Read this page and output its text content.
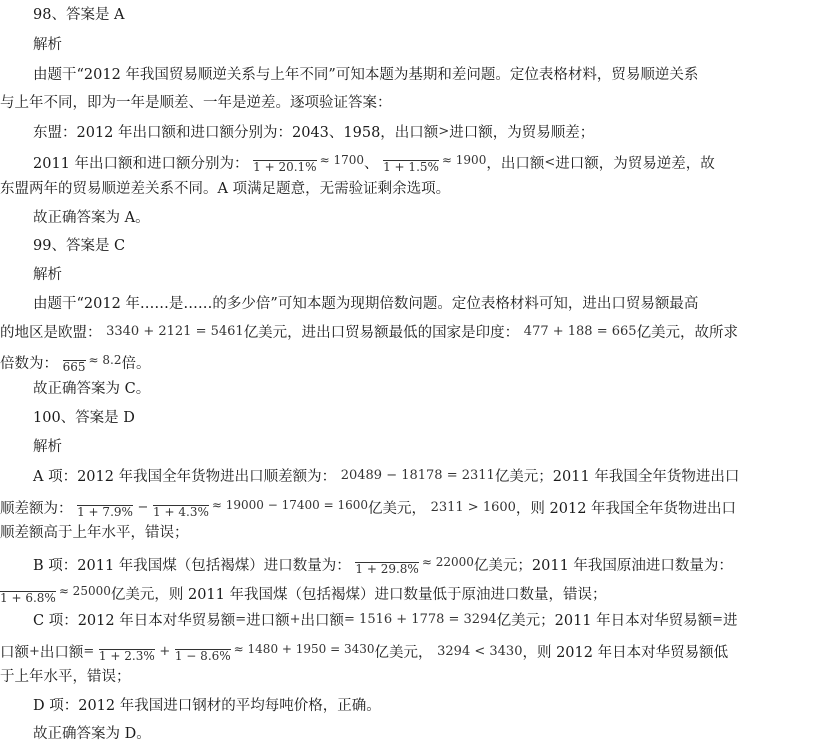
98、答案是 A
解析
由题干“2012 年我国贸易顺逆关系与上年不同”可知本题为基期和差问题。定位表格材料，贸易顺逆关系
与上年不同，即为一年是顺差、一年是逆差。逐项验证答案：
东盟：2012 年出口额和进口额分别为：2043、1958，出口额>进口额，为贸易顺差；
2011 年出口额和进口额分别为： 1 + 20.1% $^{\approx 1700}$、 1 + 1.5% $^{\approx 1900}$，出口额<进口额，为贸易逆差，故
东盟两年的贸易顺逆差关系不同。A 项满足题意，无需验证剩余选项。
故正确答案为 A。
99、答案是 C
解析
由题干“2012 年……是……的多少倍”可知本题为现期倍数问题。定位表格材料可知，进出口贸易额最高
的地区是欧盟： 3340 + 2121 = 5461亿美元，进出口贸易额最低的国家是印度： 477 + 188 = 665亿美元，故所求
倍数为： 665 $^{\approx 8.2}$倍。
故正确答案为 C。
100、答案是 D
解析
A 项：2012 年我国全年货物进出口顺差额为： 20489 − 18178 = 2311亿美元；2011 年我国全年货物进出口
顺差额为： 1 + 7.9% − 1 + 4.3% $^{\approx 19000 - 17400 = 1600}$亿美元， 2311 > 1600，则 2012 年我国全年货物进出口
顺差额高于上年水平，错误；
B 项：2011 年我国煤（包括褐煤）进口数量为： 1 + 29.8% $^{\approx 22000}$亿美元；2011 年我国原油进口数量为：
1 + 6.8% $^{\approx 25000}$亿美元，则 2011 年我国煤（包括褐煤）进口数量低于原油进口数量，错误；
C 项：2012 年日本对华贸易额=进口额+出口额= 1516 + 1778 = 3294亿美元；2011 年日本对华贸易额=进
口额+出口额= 1 + 2.3% + 1 − 8.6% $^{\approx 1480 + 1950 = 3430}$亿美元， 3294 < 3430，则 2012 年日本对华贸易额低
于上年水平，错误；
D 项：2012 年我国进口钢材的平均每吨价格，正确。
故正确答案为 D。
